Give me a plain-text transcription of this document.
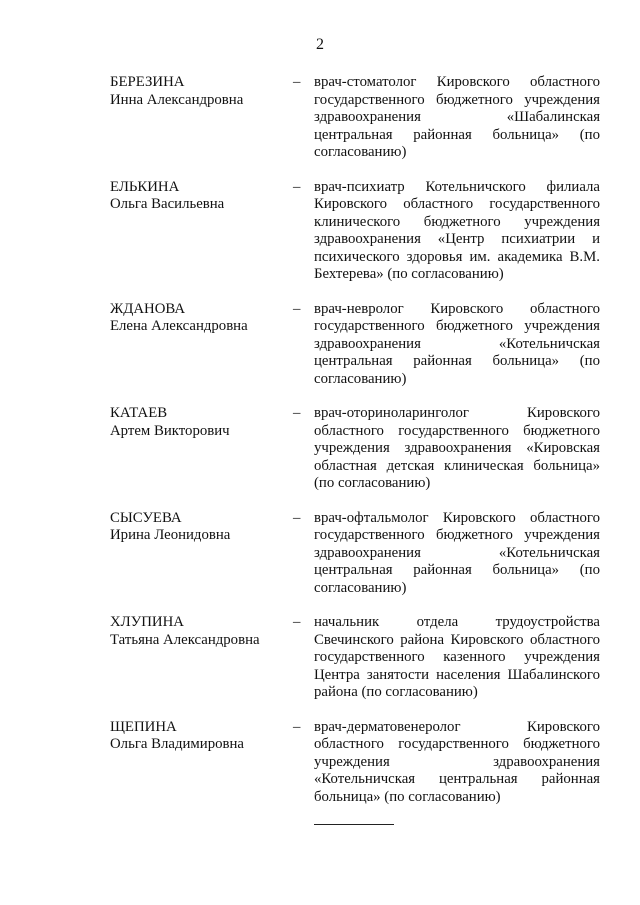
2
БЕРЕЗИНА
Инна Александровна
– врач-стоматолог Кировского областного государственного бюджетного учреждения здравоохранения «Шабалинская центральная районная больница» (по согласованию)
ЕЛЬКИНА
Ольга Васильевна
– врач-психиатр Котельничского филиала Кировского областного государственного клинического бюджетного учреждения здравоохранения «Центр психиатрии и психического здоровья им. академика В.М. Бехтерева» (по согласованию)
ЖДАНОВА
Елена Александровна
– врач-невролог Кировского областного государственного бюджетного учреждения здравоохранения «Котельничская центральная районная больница» (по согласованию)
КАТАЕВ
Артем Викторович
– врач-оториноларинголог Кировского областного государственного бюджетного учреждения здравоохранения «Кировская областная детская клиническая больница» (по согласованию)
СЫСУЕВА
Ирина Леонидовна
– врач-офтальмолог Кировского областного государственного бюджетного учреждения здравоохранения «Котельничская центральная районная больница» (по согласованию)
ХЛУПИНА
Татьяна Александровна
– начальник отдела трудоустройства Свечинского района Кировского областного государственного казенного учреждения Центра занятости населения Шабалинского района (по согласованию)
ЩЕПИНА
Ольга Владимировна
– врач-дерматовенеролог Кировского областного государственного бюджетного учреждения здравоохранения «Котельничская центральная районная больница» (по согласованию)
